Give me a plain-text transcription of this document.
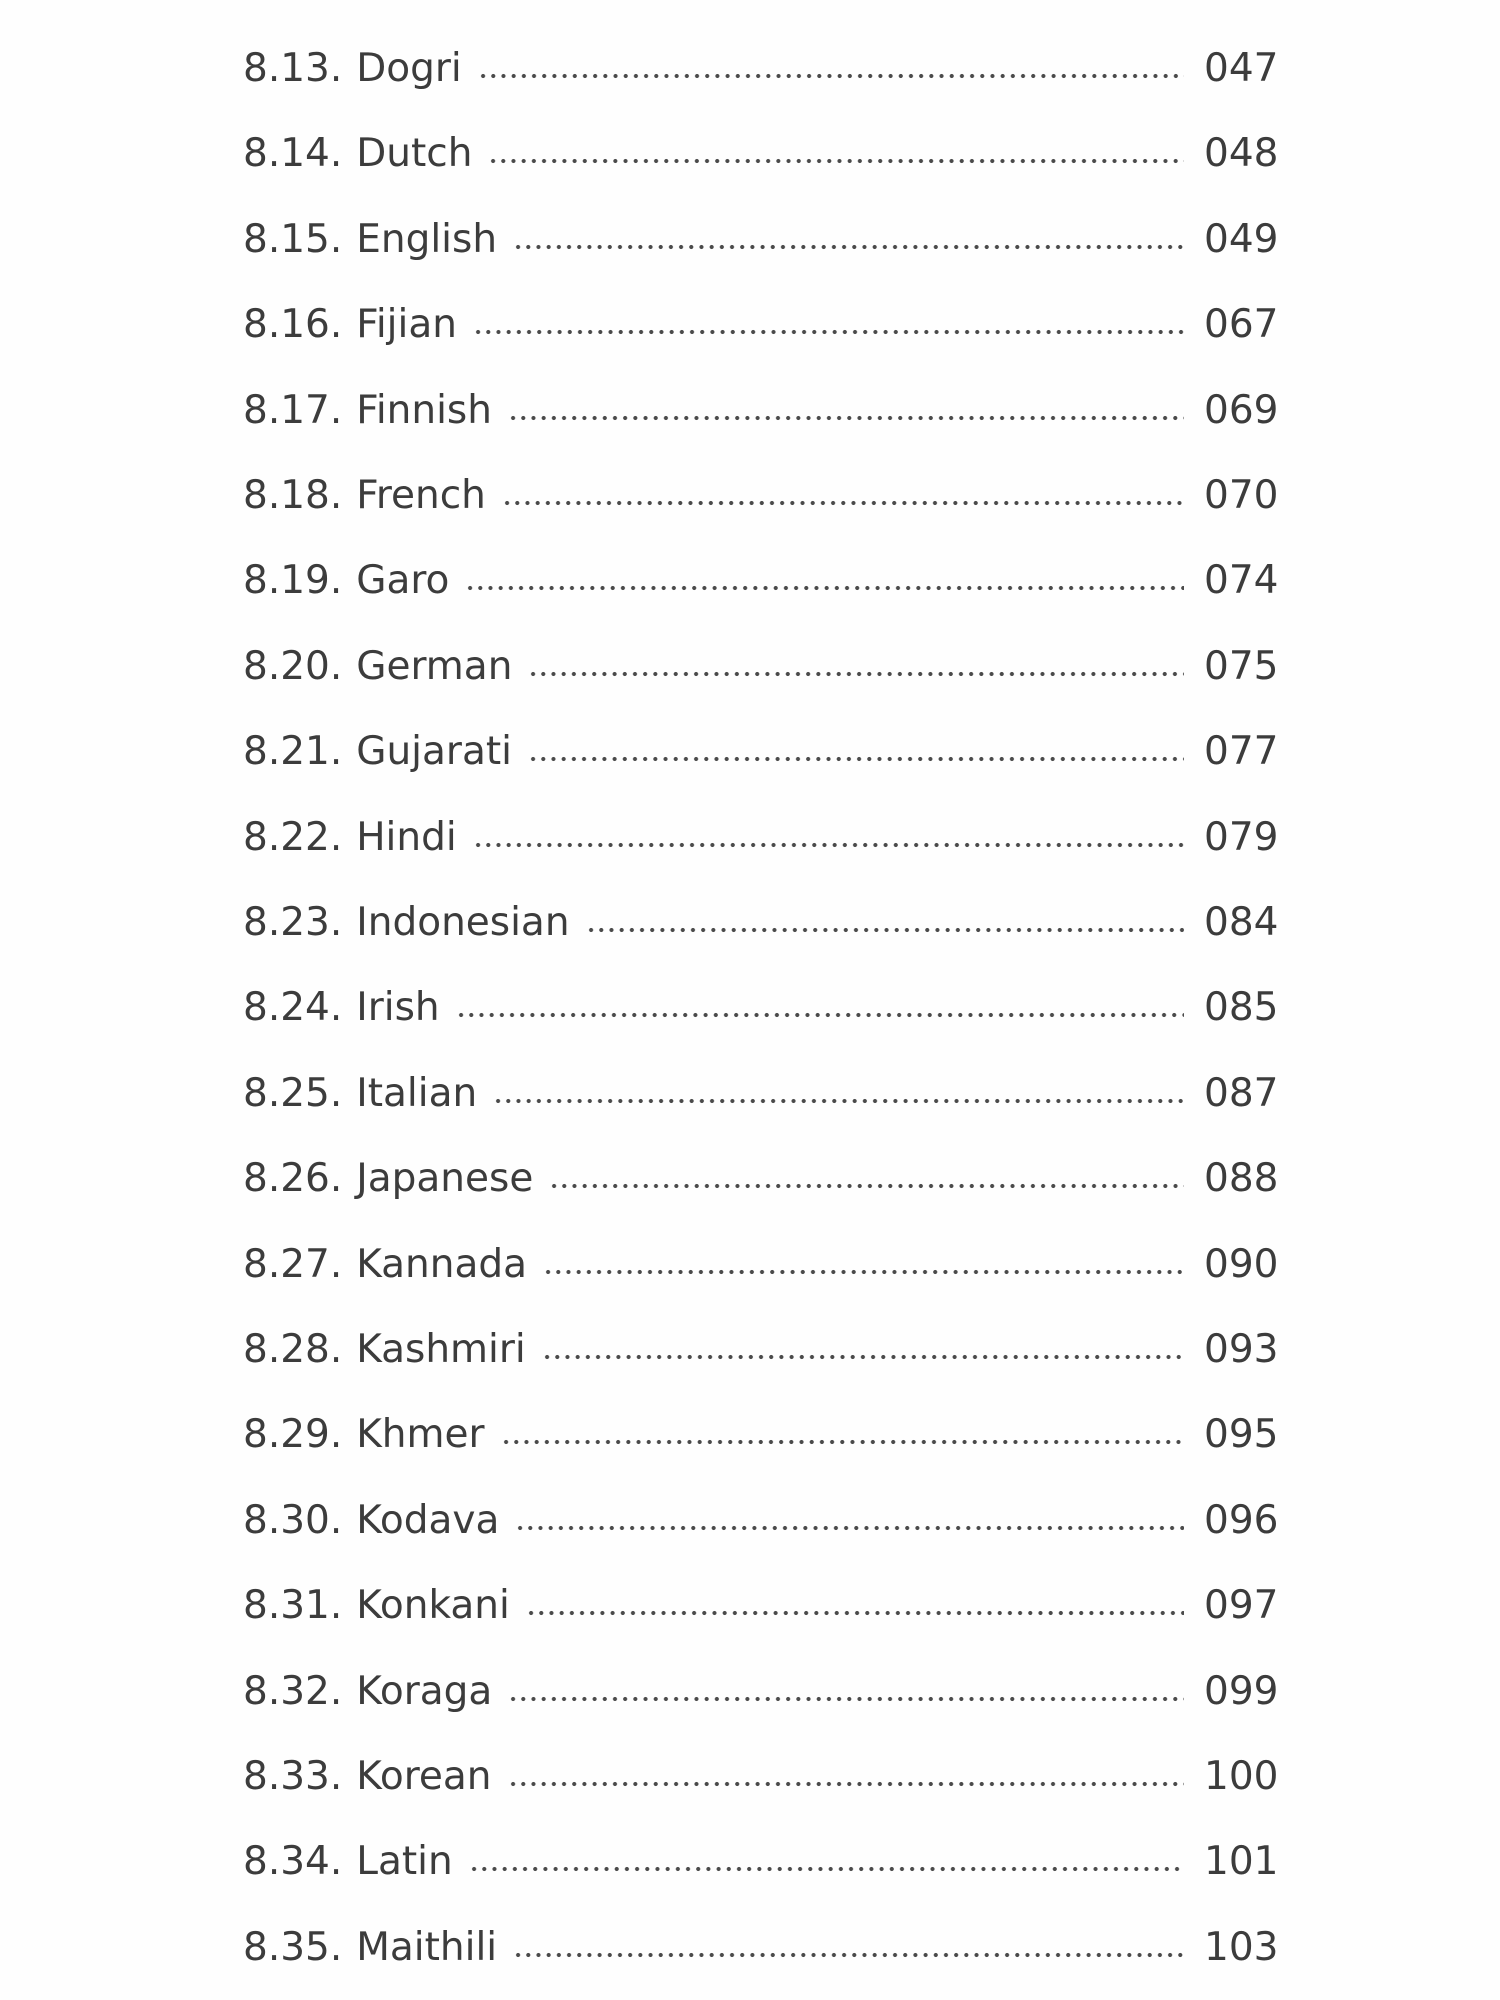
8.13. Dogri	047
8.14. Dutch	048
8.15. English	049
8.16. Fijian	067
8.17. Finnish	069
8.18. French	070
8.19. Garo	074
8.20. German	075
8.21. Gujarati	077
8.22. Hindi	079
8.23. Indonesian	084
8.24. Irish	085
8.25. Italian	087
8.26. Japanese	088
8.27. Kannada	090
8.28. Kashmiri	093
8.29. Khmer	095
8.30. Kodava	096
8.31. Konkani	097
8.32. Koraga	099
8.33. Korean	100
8.34. Latin	101
8.35. Maithili	103
